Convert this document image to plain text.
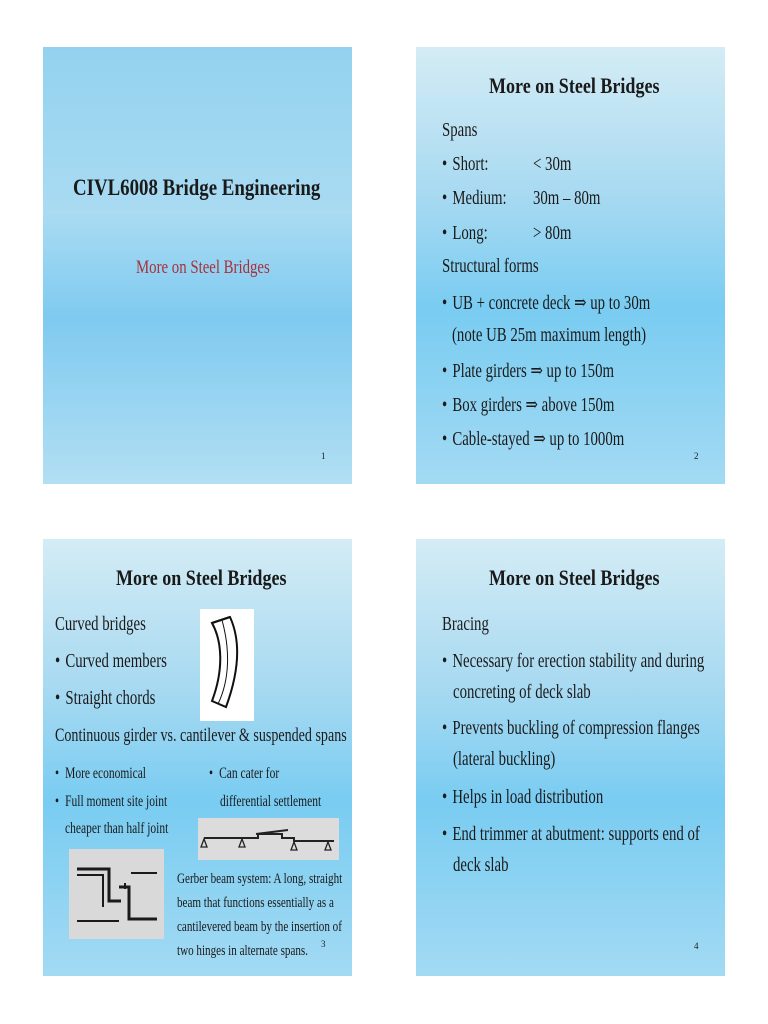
CIVL6008 Bridge Engineering
More on Steel Bridges
1
More on Steel Bridges
Spans
• Short: < 30m
• Medium: 30m – 80m
• Long: > 80m
Structural forms
• UB + concrete deck ⇒ up to 30m
(note UB 25m maximum length)
• Plate girders ⇒ up to 150m
• Box girders ⇒ above 150m
• Cable-stayed ⇒ up to 1000m
2
More on Steel Bridges
Curved bridges
• Curved members
• Straight chords
Continuous girder vs. cantilever & suspended spans
• More economical
• Full moment site joint
cheaper than half joint
• Can cater for
differential settlement
Gerber beam system: A long, straight
beam that functions essentially as a
cantilevered beam by the insertion of
two hinges in alternate spans. 3
More on Steel Bridges
Bracing
• Necessary for erection stability and during
concreting of deck slab
• Prevents buckling of compression flanges
(lateral buckling)
• Helps in load distribution
• End trimmer at abutment: supports end of
deck slab
4
